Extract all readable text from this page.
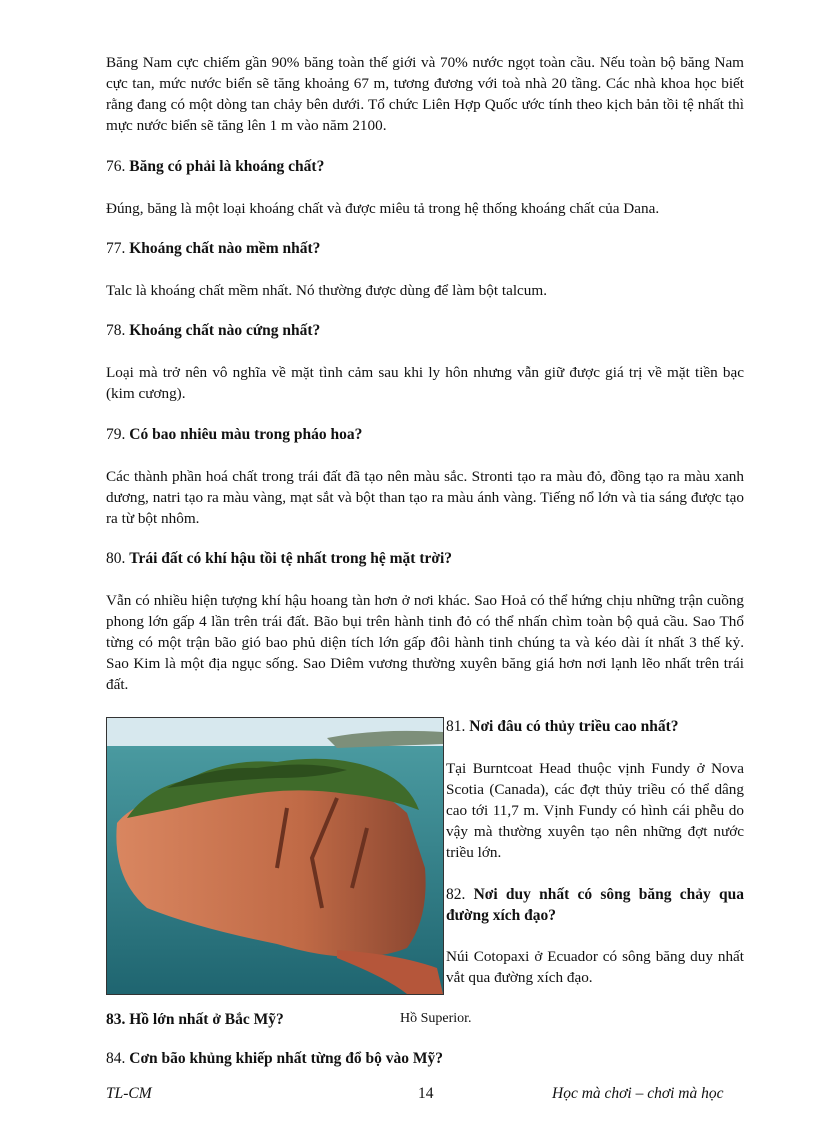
Băng Nam cực chiếm gần 90% băng toàn thế giới và 70% nước ngọt toàn cầu. Nếu toàn bộ băng Nam cực tan, mức nước biển sẽ tăng khoảng 67 m, tương đương với toà nhà 20 tầng. Các nhà khoa học biết rằng đang có một dòng tan chảy bên dưới. Tổ chức Liên Hợp Quốc ước tính theo kịch bản tồi tệ nhất thì mực nước biển sẽ tăng lên 1 m vào năm 2100.

76. Băng có phải là khoáng chất?

Đúng, băng là một loại khoáng chất và được miêu tả trong hệ thống khoáng chất của Dana.

77. Khoáng chất nào mềm nhất?

Talc là khoáng chất mềm nhất. Nó thường được dùng để làm bột talcum.

78. Khoáng chất nào cứng nhất?

Loại mà trở nên vô nghĩa về mặt tình cảm sau khi ly hôn nhưng vẫn giữ được giá trị về mặt tiền bạc (kim cương).

79. Có bao nhiêu màu trong pháo hoa?

Các thành phần hoá chất trong trái đất đã tạo nên màu sắc. Stronti tạo ra màu đỏ, đồng tạo ra màu xanh dương, natri tạo ra màu vàng, mạt sắt và bột than tạo ra màu ánh vàng. Tiếng nổ lớn và tia sáng được tạo ra từ bột nhôm.

80. Trái đất có khí hậu tồi tệ nhất trong hệ mặt trời?

Vẫn có nhiều hiện tượng khí hậu hoang tàn hơn ở nơi khác. Sao Hoả có thể hứng chịu những trận cuồng phong lớn gấp 4 lần trên trái đất. Bão bụi trên hành tinh đỏ có thể nhấn chìm toàn bộ quả cầu. Sao Thổ từng có một trận bão gió bao phủ diện tích lớn gấp đôi hành tinh chúng ta và kéo dài ít nhất 3 thế kỷ. Sao Kim là một địa ngục sống. Sao Diêm vương thường xuyên băng giá hơn nơi lạnh lẽo nhất trên trái đất.

81. Nơi đâu có thủy triều cao nhất?

Tại Burntcoat Head thuộc vịnh Fundy ở Nova Scotia (Canada), các đợt thủy triều có thể dâng cao tới 11,7 m. Vịnh Fundy có hình cái phễu do vậy mà thường xuyên tạo nên những đợt nước triều lớn.

82. Nơi duy nhất có sông băng chảy qua đường xích đạo?

Núi Cotopaxi ở Ecuador có sông băng duy nhất vắt qua đường xích đạo.

83. Hồ lớn nhất ở Bắc Mỹ?	Hồ Superior.

84. Cơn bão khủng khiếp nhất từng đổ bộ vào Mỹ?

TL-CM	14	Học mà chơi – chơi mà học
